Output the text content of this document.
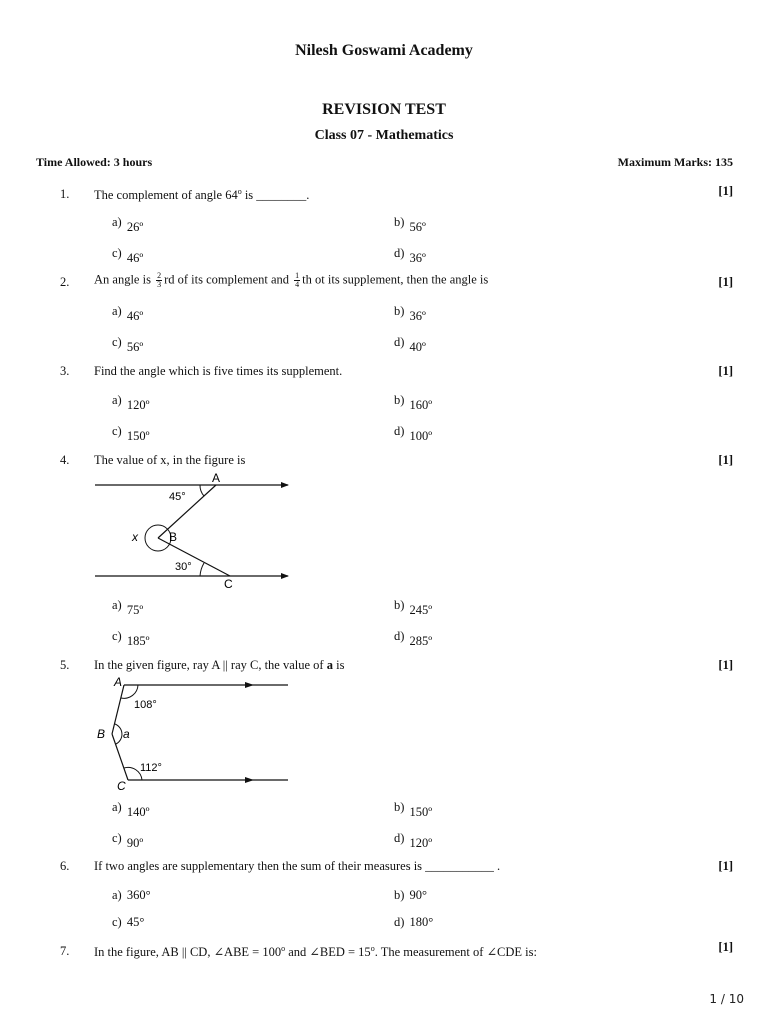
Nilesh Goswami Academy
REVISION TEST
Class 07 - Mathematics
Time Allowed: 3 hours	Maximum Marks: 135
1. The complement of angle 64$^o$ is ________.	[1]
a) 26º	b) 56º
c) 46º	d) 36º
2. An angle is $\frac{2}{3}$ rd of its complement and $\frac{1}{4}$ th ot its supplement, then the angle is	[1]
a) 46º	b) 36º
c) 56º	d) 40º
3. Find the angle which is five times its supplement.	[1]
a) 120º	b) 160º
c) 150º	d) 100º
4. The value of x, in the figure is	[1]
A
B
C
x
45°
30°
a) 75º	b) 245º
c) 185º	d) 285º
5. In the given figure, ray A || ray C, the value of a is	[1]
A
B
C
a
108°
112°
a) 140º	b) 150º
c) 90º	d) 120º
6. If two angles are supplementary then the sum of their measures is ___________ .	[1]
a) 360°	b) 90°
c) 45°	d) 180°
7. In the figure, AB || CD, ∠ABE = $100^o$ and ∠BED = $15^o$. The measurement of ∠CDE is:	[1]
1 / 10
